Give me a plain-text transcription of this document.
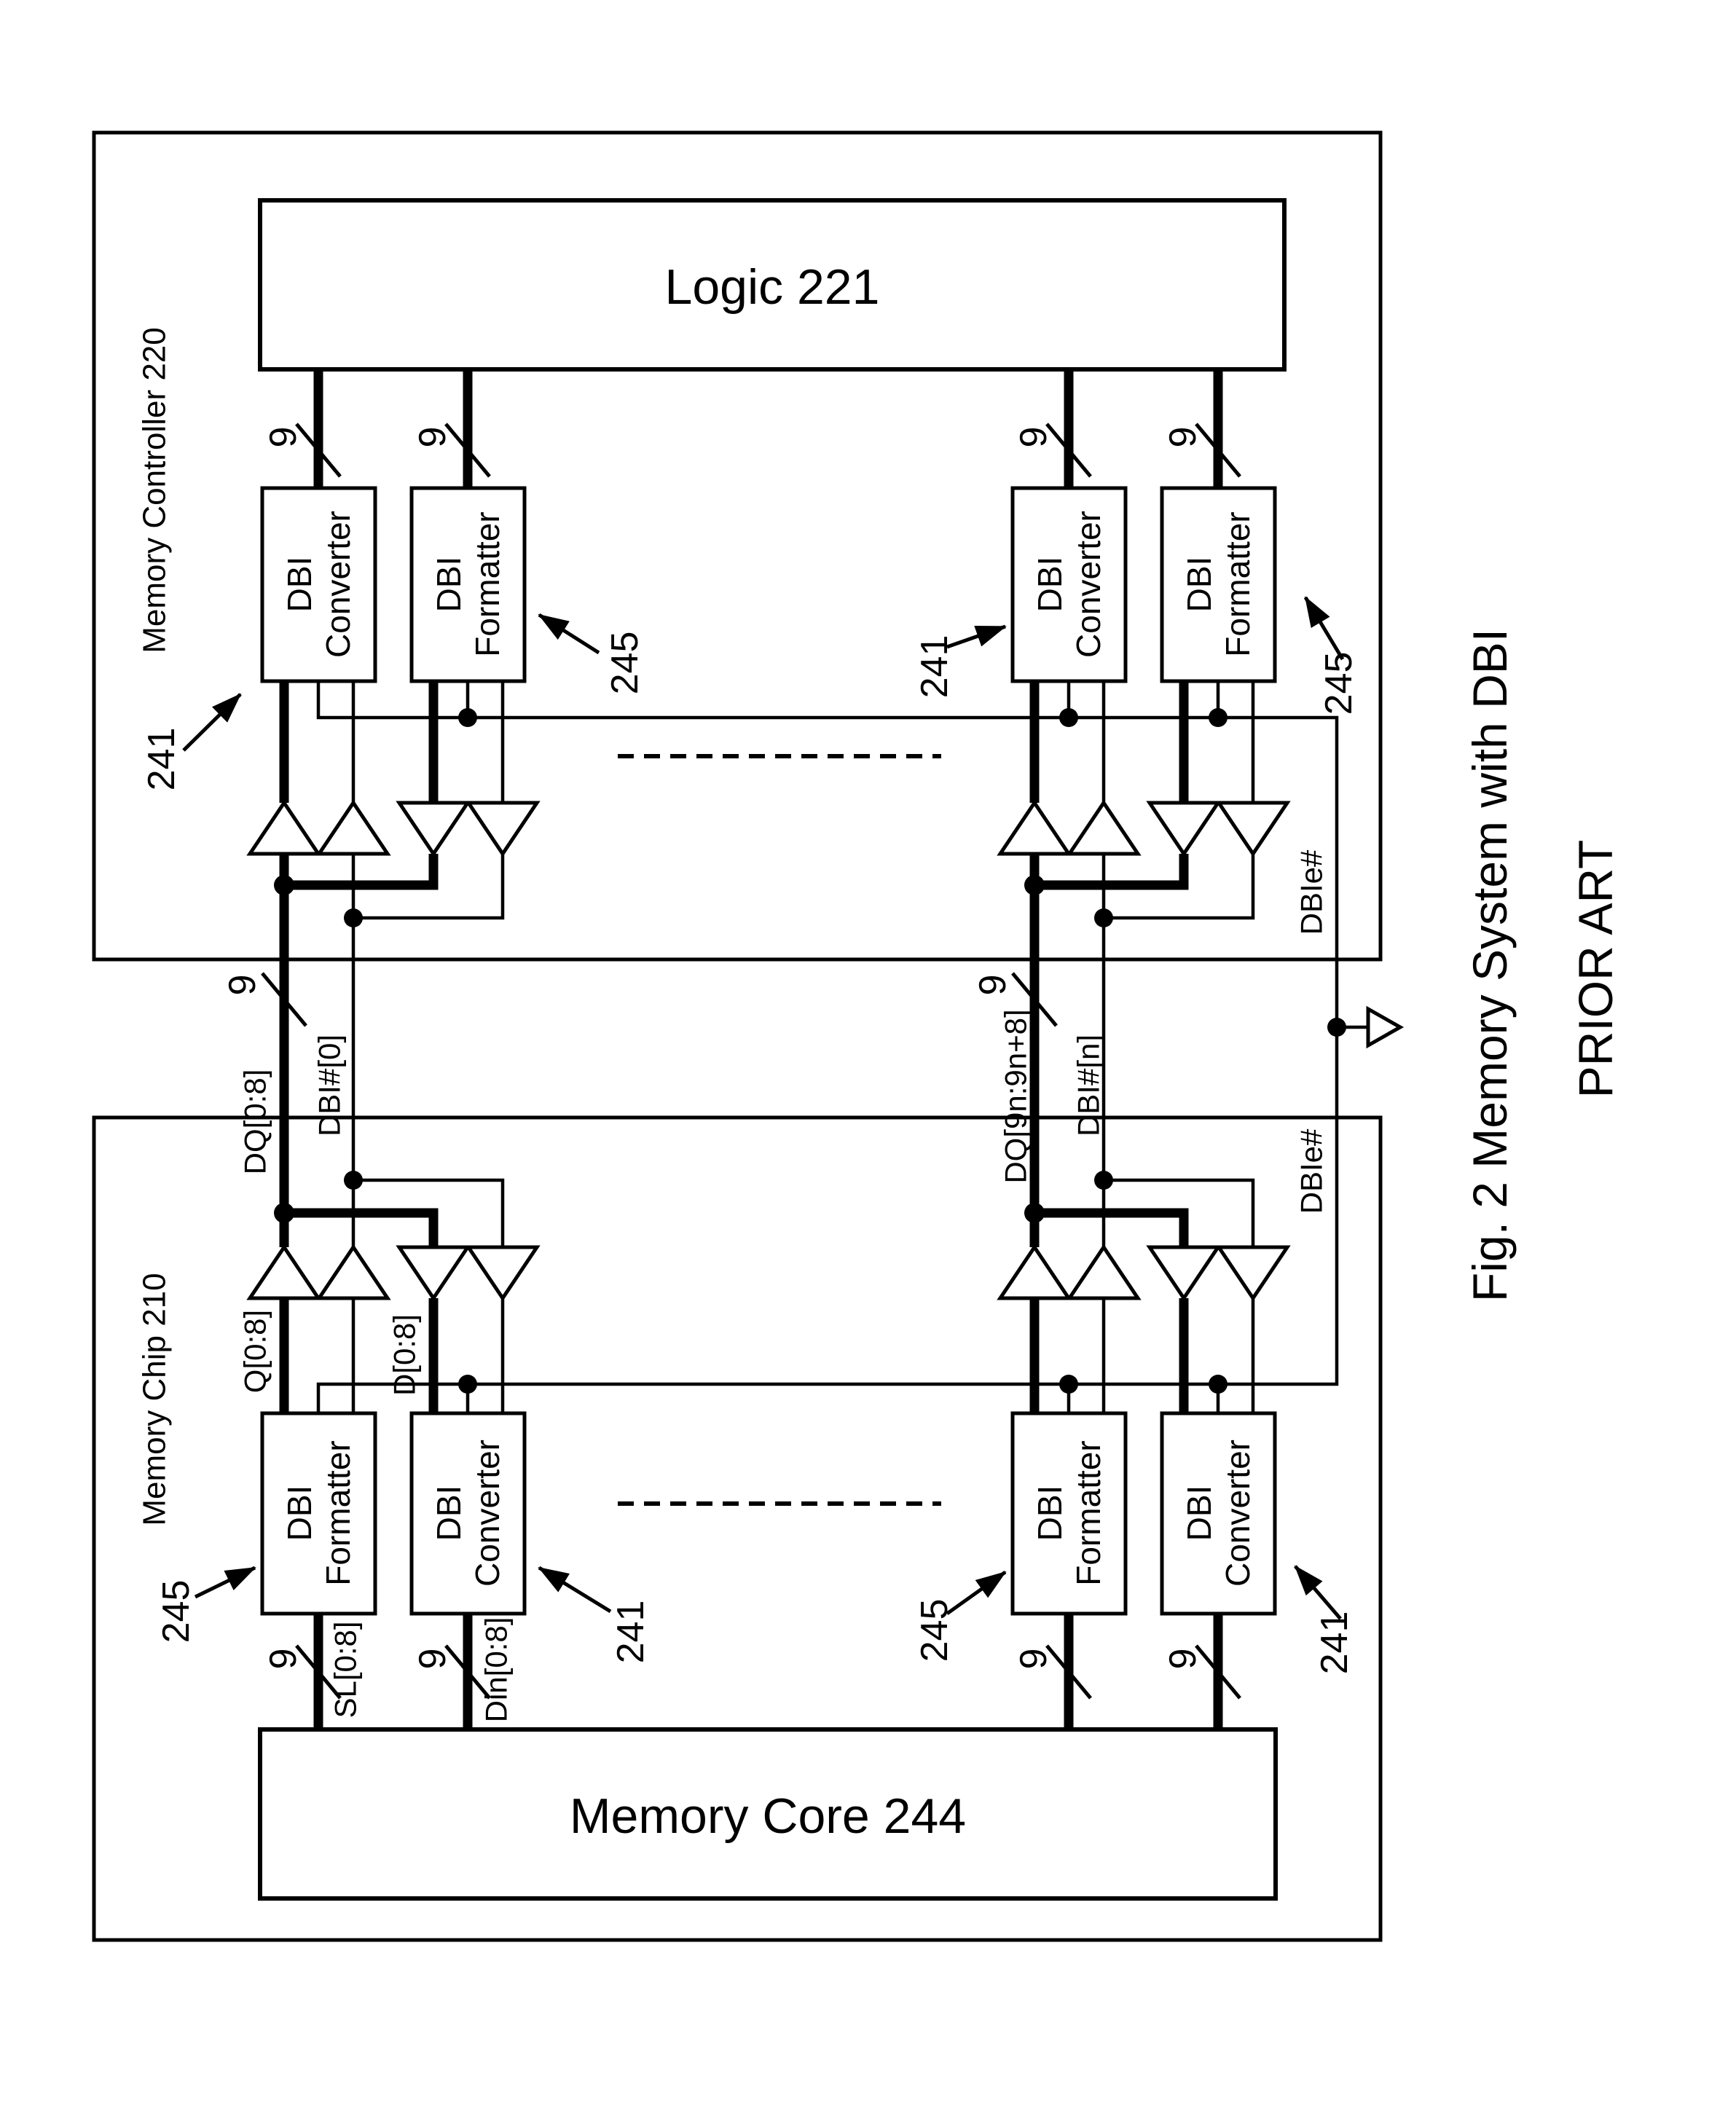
Memory Controller 220
Logic 221
9	9	9	9
DBI Converter DBI Formatter	DBI Converter DBI Formatter
241
245	241	245
DBIe#
9	9
DQ[0:8] DBI#[0]	DQ[9n:9n+8] DBI#[n]
Memory Chip 210 Q[0:8]	D[0:8]
DBIe#
DBI Formatter DBI Converter	DBI Formatter DBI Converter
245	241	245	241
9	9	9	9
SL[0:8]	Din[0:8]
Memory Core 244
Fig. 2 Memory System with DBI PRIOR ART
